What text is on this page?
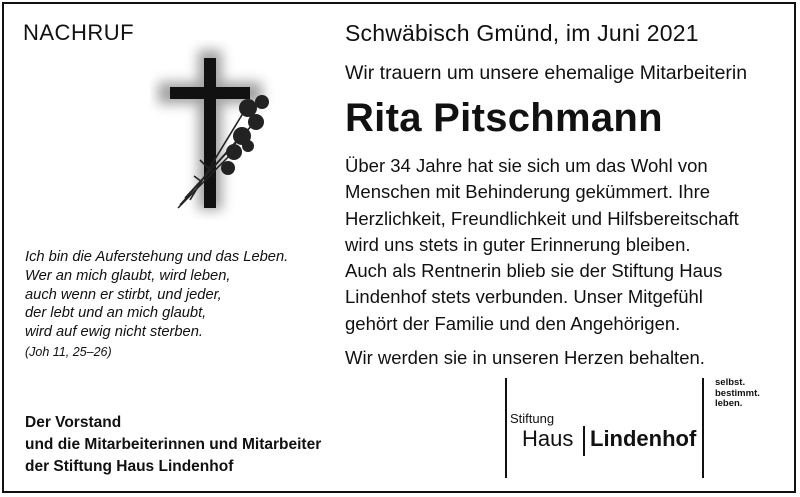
NACHRUF	Schwäbisch Gmünd, im Juni 2021
Wir trauern um unsere ehemalige Mitarbeiterin
Rita Pitschmann

Über 34 Jahre hat sie sich um das Wohl von

Menschen mit Behinderung gekümmert. Ihre

Herzlichkeit, Freundlichkeit und Hilfsbereitschaft

wird uns stets in guter Erinnerung bleiben.

Auch als Rentnerin blieb sie der Stiftung Haus

Lindenhof stets verbunden. Unser Mitgefühl

gehört der Familie und den Angehörigen.

Wir werden sie in unseren Herzen behalten.

Ich bin die Auferstehung und das Leben.
Wer an mich glaubt, wird leben,
auch wenn er stirbt, und jeder,
der lebt und an mich glaubt,
wird auf ewig nicht sterben.
(Joh 11, 25–26)
Der Vorstand
und die Mitarbeiterinnen und Mitarbeiter
der Stiftung Haus Lindenhof
Stiftung
Haus Lindenhof
selbst.
bestimmt.
leben.
